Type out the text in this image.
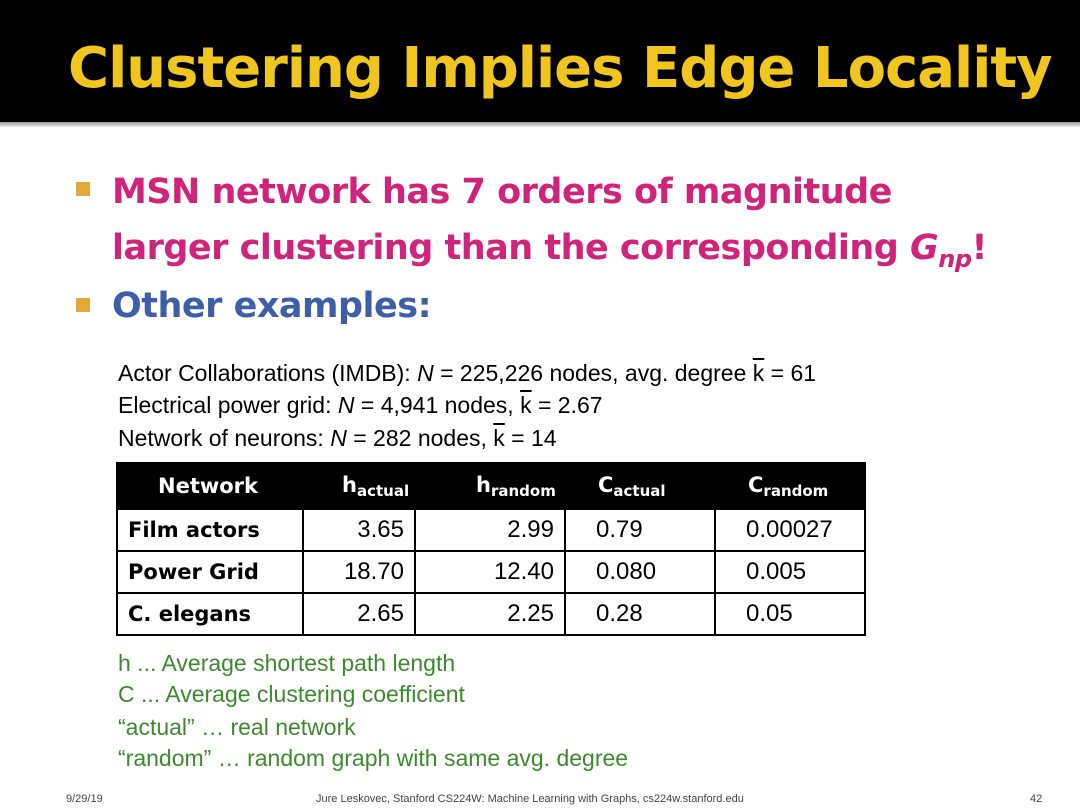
Clustering Implies Edge Locality
MSN network has 7 orders of magnitude
larger clustering than the corresponding $G_{np}$!
Other examples:
Actor Collaborations (IMDB): N = 225,226 nodes, avg. degree $\overline{k} = 61$
Electrical power grid: N = 4,941 nodes, $\overline{k} = 2.67$
Network of neurons: N = 282 nodes, $\overline{k} = 14$
Network	$h_{actual}$	$h_{random}$	$C_{actual}$	$C_{random}$
Film actors	3.65	2.99	0.79	0.00027
Power Grid	18.70	12.40	0.080	0.005
C. elegans	2.65	2.25	0.28	0.05
h ... Average shortest path length
C ... Average clustering coefficient
“actual” … real network
“random” … random graph with same avg. degree
9/29/19	Jure Leskovec, Stanford CS224W: Machine Learning with Graphs, cs224w.stanford.edu	42
